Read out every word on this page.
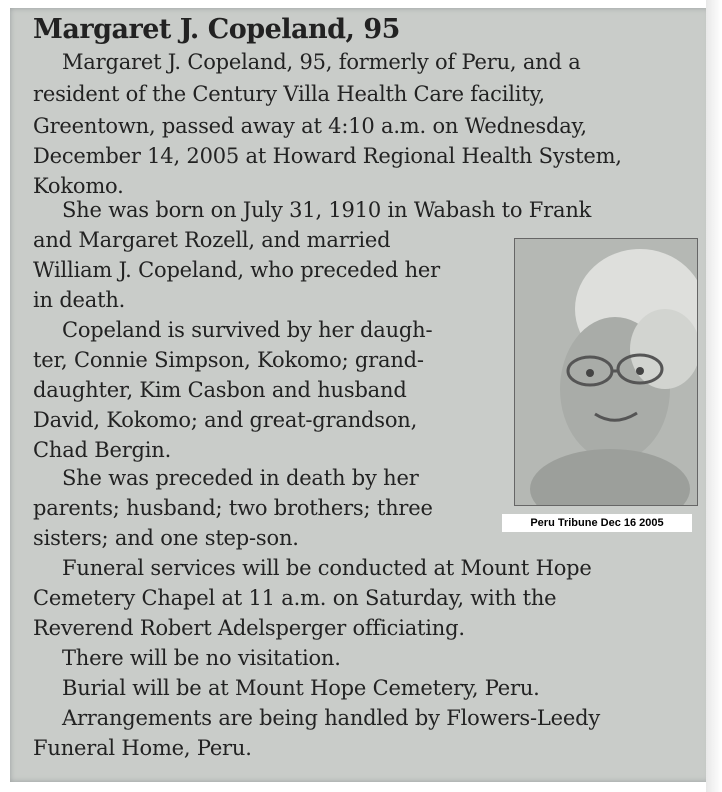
Margaret J. Copeland, 95
Margaret J. Copeland, 95, formerly of Peru, and a
resident of the Century Villa Health Care facility,
Greentown, passed away at 4:10 a.m. on Wednesday,
December 14, 2005 at Howard Regional Health System,
Kokomo.
She was born on July 31, 1910 in Wabash to Frank
and Margaret Rozell, and married
William J. Copeland, who preceded her
in death.
Copeland is survived by her daugh-
ter, Connie Simpson, Kokomo; grand-
daughter, Kim Casbon and husband
David, Kokomo; and great-grandson,
Chad Bergin.
She was preceded in death by her
parents; husband; two brothers; three
sisters; and one step-son.
Funeral services will be conducted at Mount Hope
Cemetery Chapel at 11 a.m. on Saturday, with the
Reverend Robert Adelsperger officiating.
There will be no visitation.
Burial will be at Mount Hope Cemetery, Peru.
Arrangements are being handled by Flowers-Leedy
Funeral Home, Peru.
Peru Tribune Dec 16 2005
